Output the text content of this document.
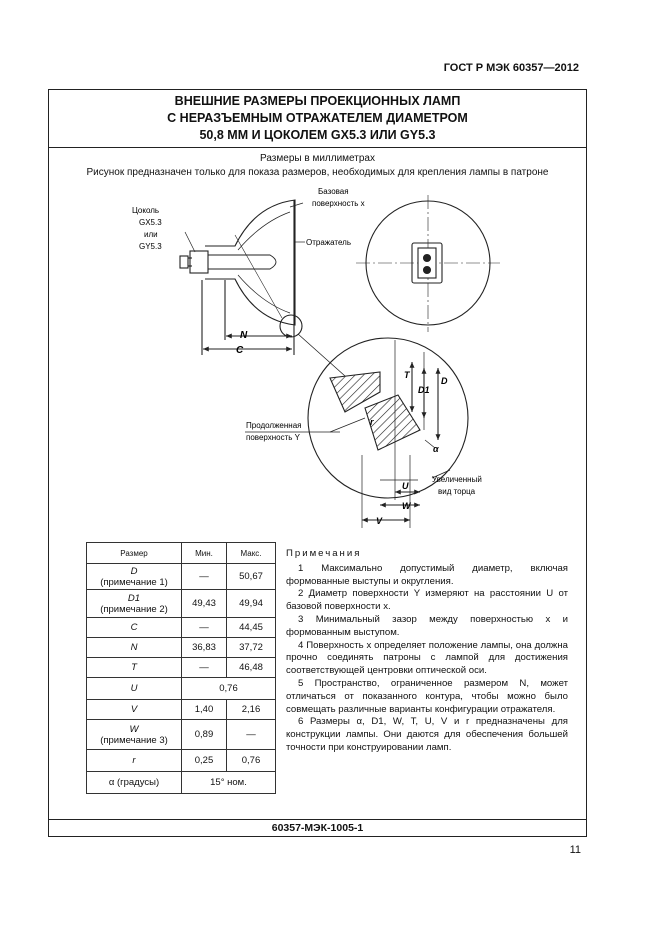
ГОСТ Р МЭК 60357—2012
ВНЕШНИЕ РАЗМЕРЫ ПРОЕКЦИОННЫХ ЛАМП
С НЕРАЗЪЕМНЫМ ОТРАЖАТЕЛЕМ ДИАМЕТРОМ
50,8 ММ И ЦОКОЛЕМ GX5.3 ИЛИ GY5.3
Размеры в миллиметрах
Рисунок предназначен только для показа размеров, необходимых для крепления лампы в патроне
60357-МЭК-1005-1
N
C
Цоколь
GX5.3
или
GY5.3
Базовая
поверхность x
Отражатель
T
D1
D
r
α
U
W
V
Продолженная
поверхность Y
Увеличенный
вид торца
Размер	Мин.	Макс.
D
(примечание 1)	—	50,67
D1
(примечание 2)	49,43	49,94
C	—	44,45
N	36,83	37,72
T	—	46,48
U	0,76	
V	1,40	2,16
W
(примечание 3)	0,89	—
r	0,25	0,76
α (градусы)	15° ном.	
Примечания

1 Максимально допустимый диаметр, включая формованные выступы и округления.

2 Диаметр поверхности Y измеряют на расстоянии U от базовой поверхности x.

3 Минимальный зазор между поверхностью x и формованным выступом.

4 Поверхность x определяет положение лампы, она должна прочно соединять патроны с лампой для достижения соответствующей центровки оптической оси.

5 Пространство, ограниченное размером N, может отличаться от показанного контура, чтобы можно было совмещать различные варианты конфигурации отражателя.

6 Размеры α, D1, W, T, U, V и r предназначены для конструкции лампы. Они даются для обеспечения большей точности при конструировании ламп.

11
